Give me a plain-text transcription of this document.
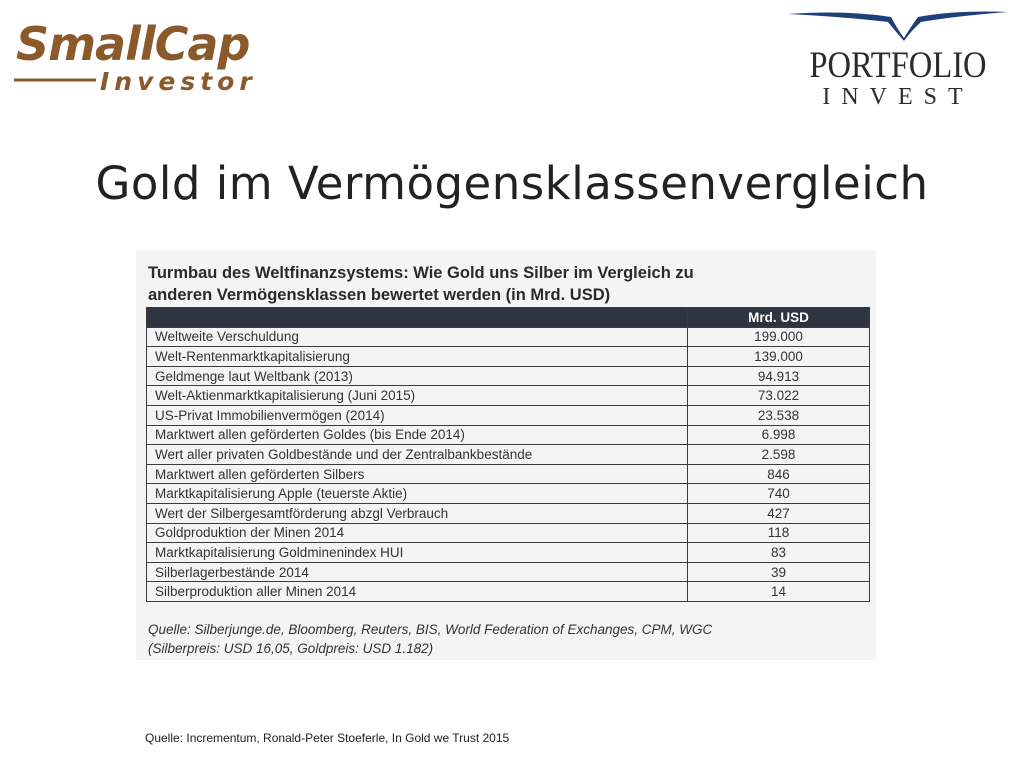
SmallCap
Investor	PORTFOLIO
INVEST
Gold im Vermögensklassenvergleich
Turmbau des Weltfinanzsystems: Wie Gold uns Silber im Vergleich zu
anderen Vermögensklassen bewertet werden (in Mrd. USD)
	Mrd. USD
Weltweite Verschuldung	199.000
Welt-Rentenmarktkapitalisierung	139.000
Geldmenge laut Weltbank (2013)	94.913
Welt-Aktienmarktkapitalisierung (Juni 2015)	73.022
US-Privat Immobilienvermögen (2014)	23.538
Marktwert allen geförderten Goldes (bis Ende 2014)	6.998
Wert aller privaten Goldbestände und der Zentralbankbestände	2.598
Marktwert allen geförderten Silbers	846
Marktkapitalisierung Apple (teuerste Aktie)	740
Wert der Silbergesamtförderung abzgl Verbrauch	427
Goldproduktion der Minen 2014	118
Marktkapitalisierung Goldminenindex HUI	83
Silberlagerbestände 2014	39
Silberproduktion aller Minen 2014	14
Quelle: Silberjunge.de, Bloomberg, Reuters, BIS, World Federation of Exchanges, CPM, WGC
(Silberpreis: USD 16,05, Goldpreis: USD 1.182)
Quelle: Incrementum, Ronald-Peter Stoeferle, In Gold we Trust 2015
